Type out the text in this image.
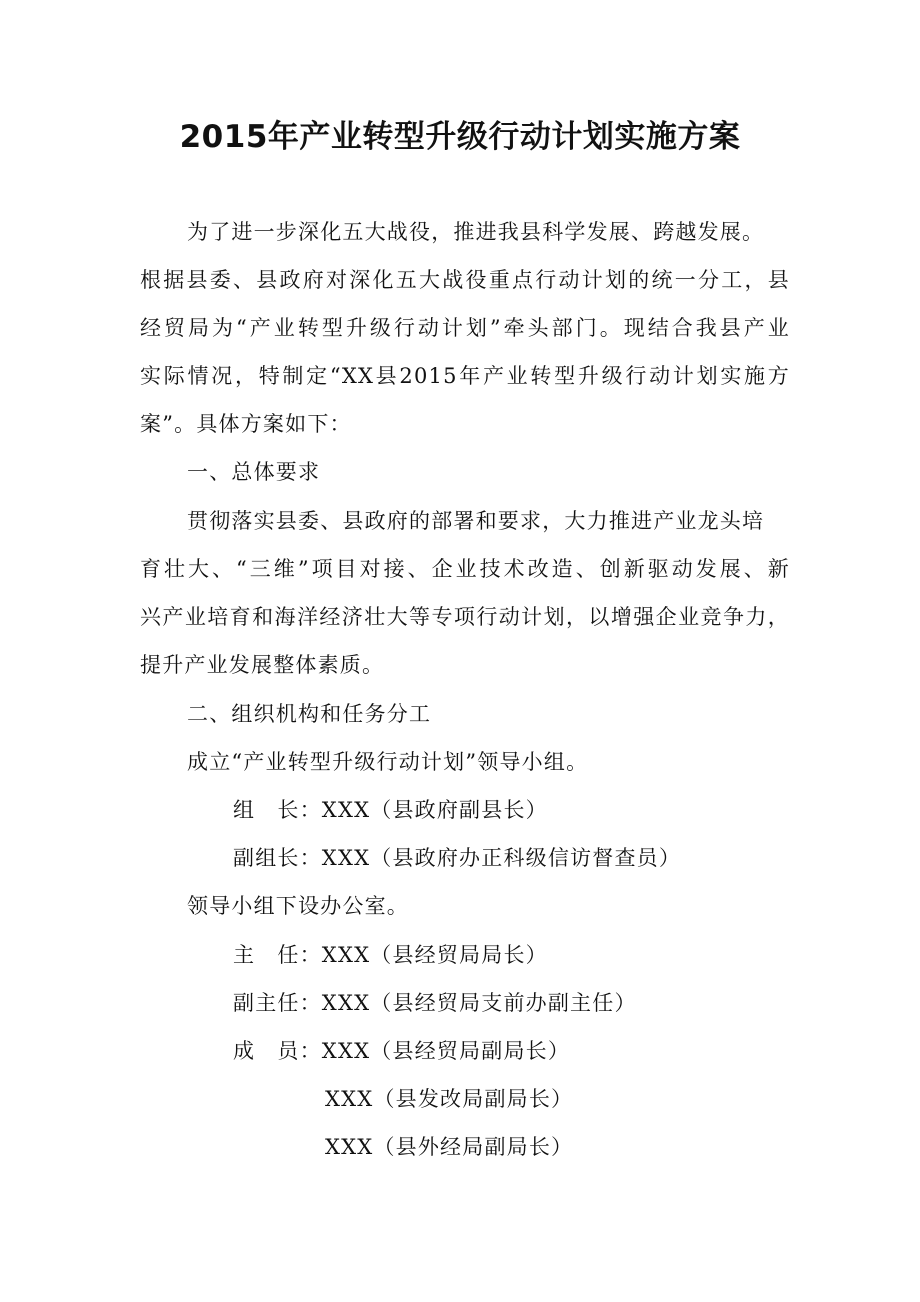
2015年产业转型升级行动计划实施方案
为了进一步深化五大战役，推进我县科学发展、跨越发展。
根据县委、县政府对深化五大战役重点行动计划的统一分工，县
经贸局为“产业转型升级行动计划”牵头部门。现结合我县产业
实际情况，特制定“XX县2015年产业转型升级行动计划实施方
案”。具体方案如下：
一、总体要求
贯彻落实县委、县政府的部署和要求，大力推进产业龙头培
育壮大、“三维”项目对接、企业技术改造、创新驱动发展、新
兴产业培育和海洋经济壮大等专项行动计划，以增强企业竞争力，
提升产业发展整体素质。
二、组织机构和任务分工
成立“产业转型升级行动计划”领导小组。
组　长：XXX（县政府副县长）
副组长：XXX（县政府办正科级信访督查员）
领导小组下设办公室。
主　任：XXX（县经贸局局长）
副主任：XXX（县经贸局支前办副主任）
成　员：XXX（县经贸局副局长）
XXX（县发改局副局长）
XXX（县外经局副局长）
